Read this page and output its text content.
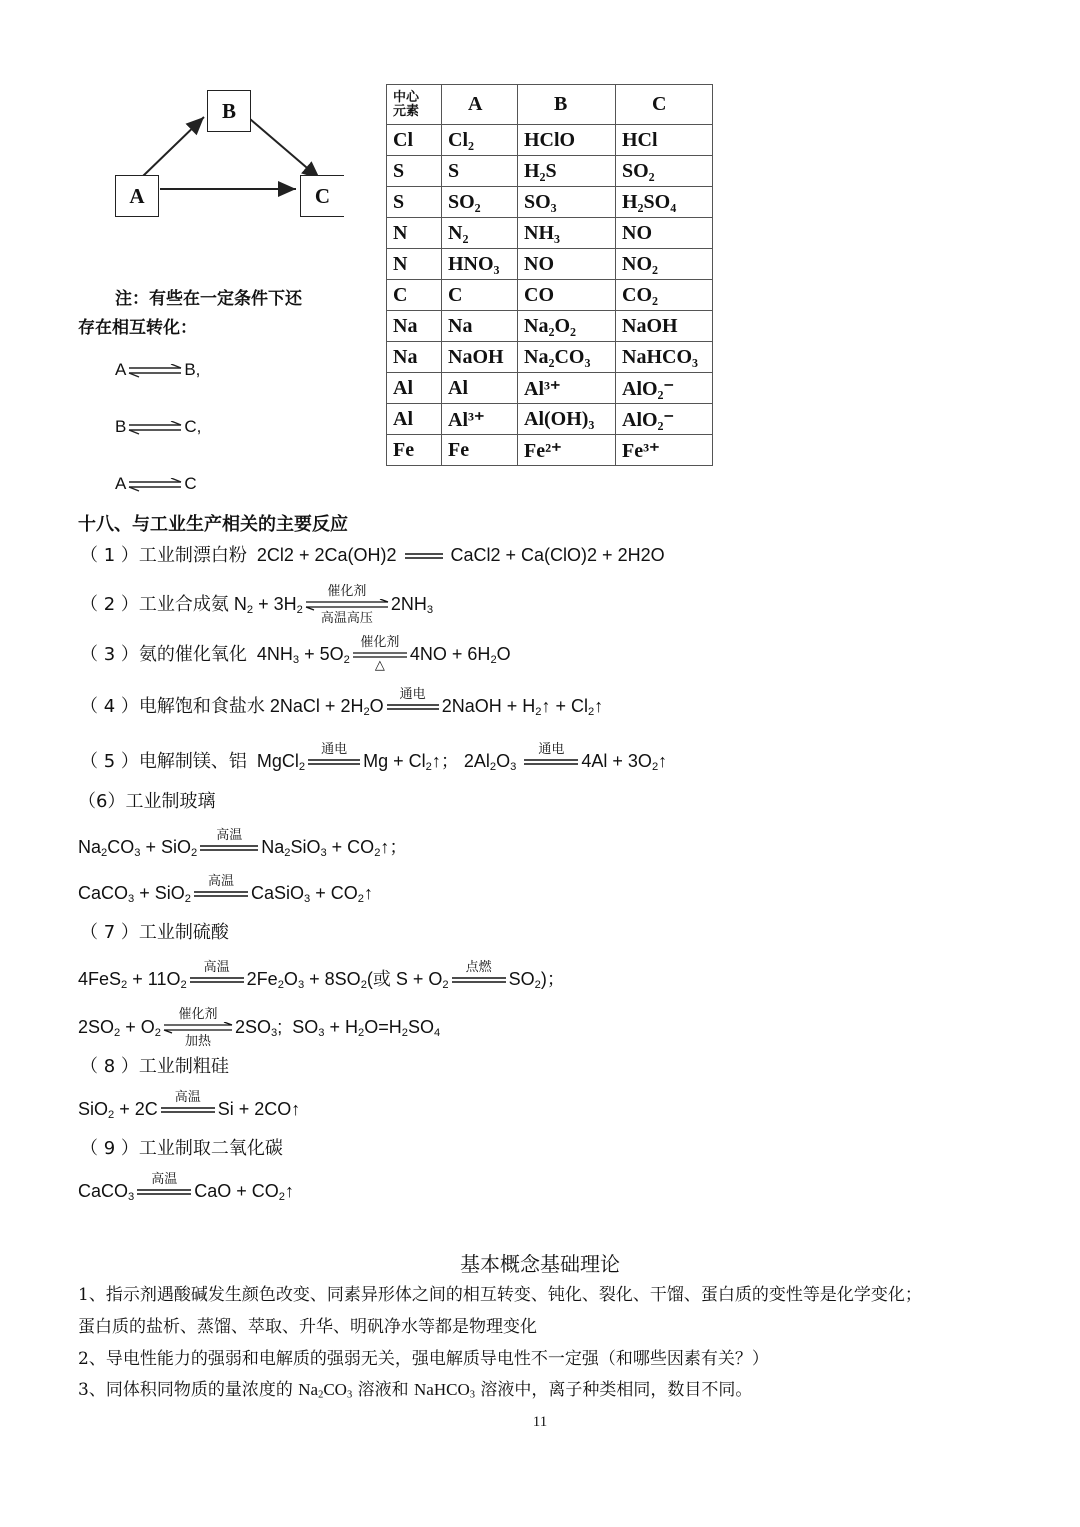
B
A	C
中心
元素	A	B	C
Cl	Cl₂	HClO	HCl
S	S	H₂S	SO₂
S	SO₂	SO₃	H₂SO₄
N	N₂	NH₃	NO
N	HNO₃	NO	NO₂
C	C	CO	CO₂
Na	Na	Na₂O₂	NaOH
Na	NaOH	Na₂CO₃	NaHCO₃
Al	Al	Al³⁺	AlO₂⁻
Al	Al³⁺	Al(OH)₃	AlO₂⁻
Fe	Fe	Fe²⁺	Fe³⁺
注：有些在一定条件下还
存在相互转化：
A⇌B,
B⇌C,
A⇌C
十八、与工业生产相关的主要反应
（ 1 ）工业制漂白粉 2Cl2 + 2Ca(OH)2	CaCl2 + Ca(ClO)2 + 2H2O
（ 2 ）工业合成氨 $N_2 + 3H_2$
催化剂
高温高压
$2NH_3$
（ 3 ）氨的催化氧化  $4NH_3 + 5O_2$
催化剂
△
$4NO + 6H_2O$
（ 4 ）电解饱和食盐水 2NaCl + $2H_2O$
通电
2NaOH + $H_2↑$ + $Cl_2↑$
（ 5 ）电解制镁、铝  MgCl$_2$
通电
$Mg + Cl_2↑$； $2Al_2O_3$
通电
$4Al + 3O_2↑$
（6）工业制玻璃
$Na_2CO_3 + SiO_2$
高温
$Na_2SiO_3$ + $CO_2↑$；
CaCO$_3$ + SiO$_2$
高温
CaSiO$_3$ + $CO_2↑$
（ 7 ）工业制硫酸
$4FeS_2 + 11O_2$
高温
$2Fe_2O_3 + 8SO_2$(或 $S + O_2$
点燃
$SO_2$)；
$2SO_2 + O_2$
催化剂
加热
$2SO_3$;  $SO_3 + H_2O=H_2SO_4$
（ 8 ）工业制粗硅
SiO$_2$ + 2C
高温
Si + 2CO↑
（ 9 ）工业制取二氧化碳
CaCO$_3$
高温
CaO + $CO_2↑$
基本概念基础理论
1、指示剂遇酸碱发生颜色改变、同素异形体之间的相互转变、钝化、裂化、干馏、蛋白质的变性等是化学变化；
蛋白质的盐析、蒸馏、萃取、升华、明矾净水等都是物理变化
2、导电性能力的强弱和电解质的强弱无关，强电解质导电性不一定强（和哪些因素有关？）
3、同体积同物质的量浓度的 $Na_2CO_3$ 溶液和 NaHCO$_3$ 溶液中，离子种类相同，数目不同。
11
